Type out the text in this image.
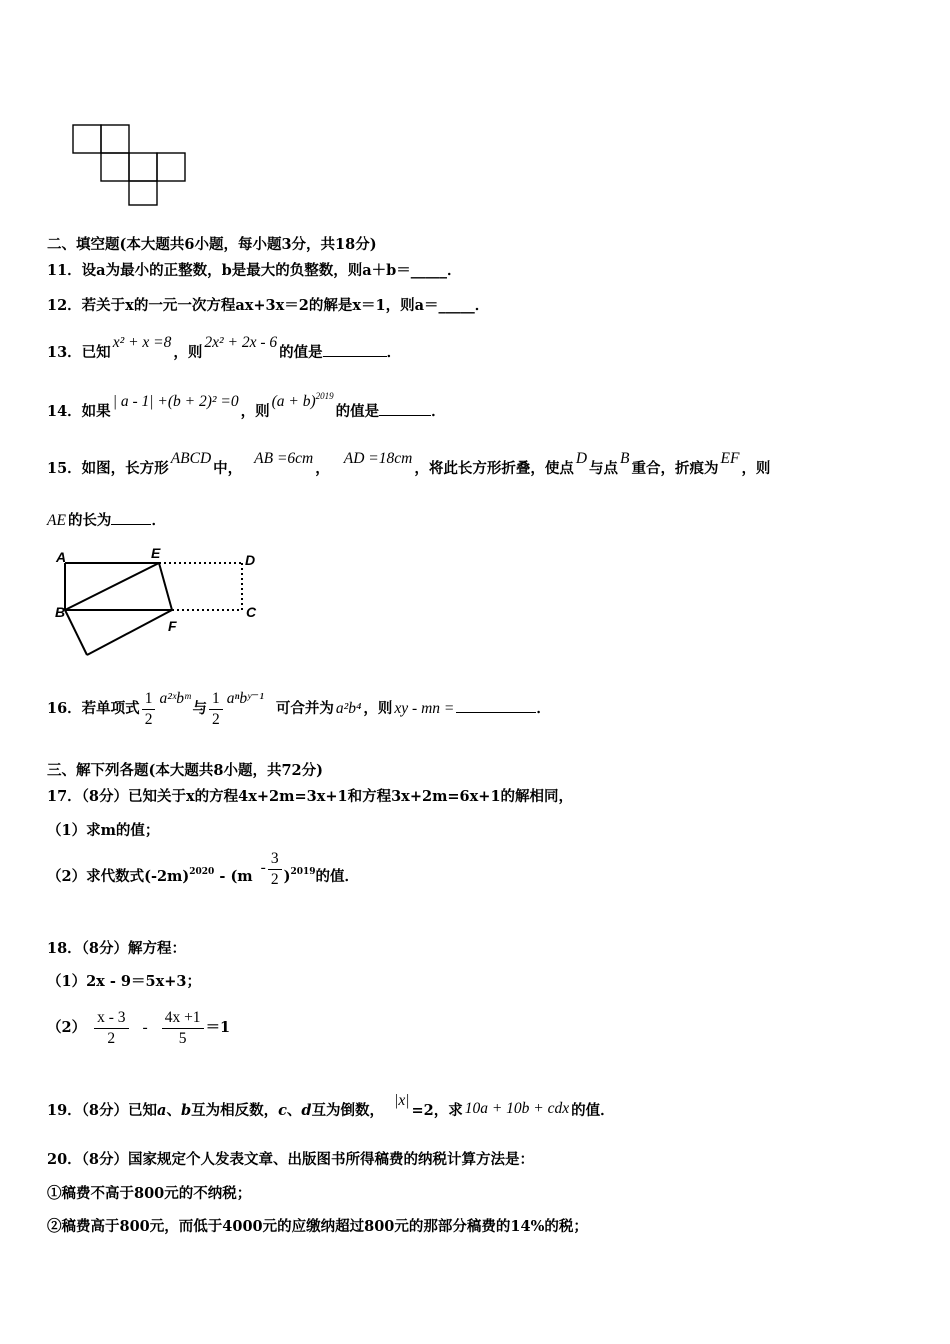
二、填空题(本大题共6小题，每小题3分，共18分)
11．设a为最小的正整数，b是最大的负整数，则a＋b＝_____．
12．若关于x的一元一次方程ax+3x＝2的解是x＝1，则a＝_____．
13．已知x² + x =8，则2x² + 2x - 6的值是	．
14．如果| a - 1| +(b + 2)² =0，则$(a + b)^{2019}$的值是	．
15．如图，长方形ABCD中，AB =6cm，AD =18cm，将此长方形折叠，使点D与点B重合，折痕为EF，则
AE 的长为	．
A	E	D
B	C
F
16．若单项式 $\frac{1}{2}$ a²ˣbᵐ与 $\frac{1}{2}$ aⁿbʸ⁻¹可合并为 a²b⁴ ，则 xy - mn =	．
三、解下列各题(本大题共8小题，共72分)
17．（8分）已知关于x的方程4x+2m=3x+1和方程3x+2m=6x+1的解相同，
（1）求m的值；
（2）求代数式$(-2m)^{2020} - (m- \frac{3}{2} )^{2019}$的值．
18．（8分）解方程：
（1）2x - 9＝5x+3；
$(2) \frac{x - 3}{2} - \frac{4x +1}{5} =1$
19．（8分）已知a、b互为相反数，c、d互为倒数，|x|=2，求 10a + 10b + cdx 的值．
20．（8分）国家规定个人发表文章、出版图书所得稿费的纳税计算方法是：
①稿费不高于800元的不纳税；
②稿费高于800元，而低于4000元的应缴纳超过800元的那部分稿费的14%的税；
